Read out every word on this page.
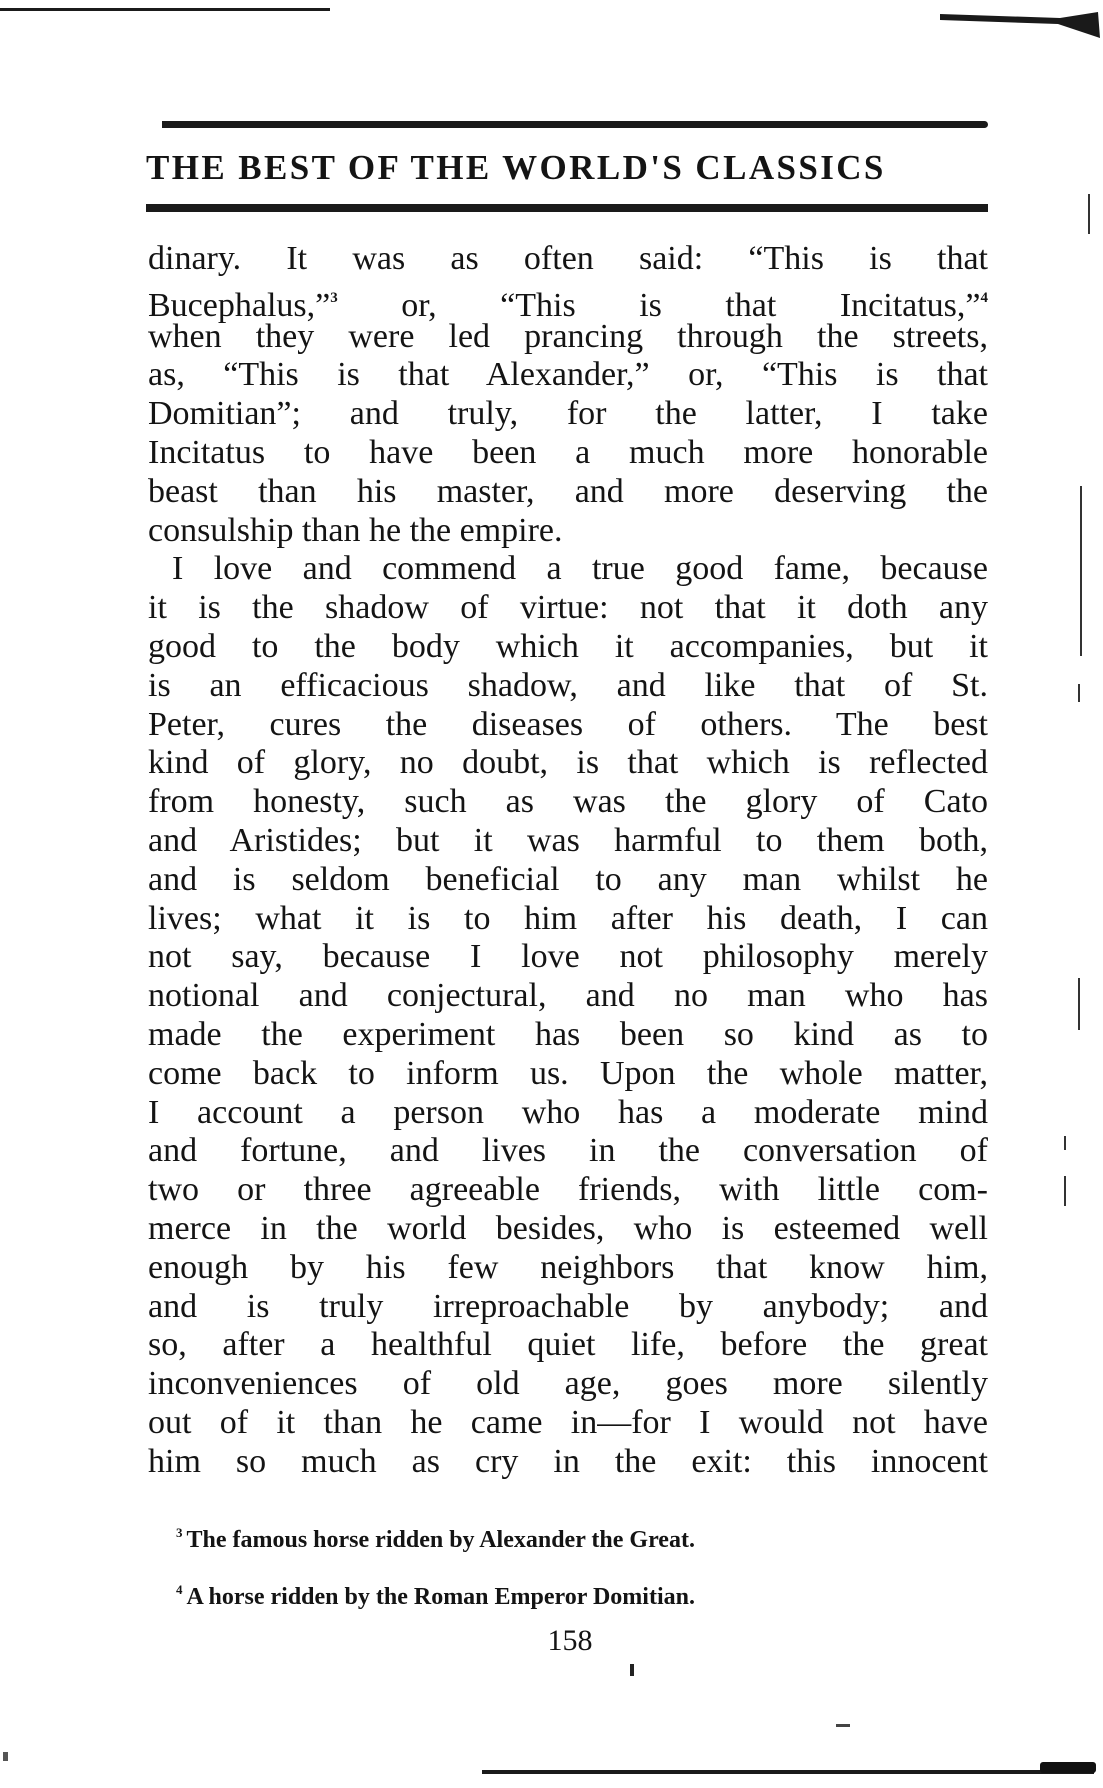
THE BEST OF THE WORLD'S CLASSICS
dinary. It was as often said: “This is that
Bucephalus,”$^3$ or, “This is that Incitatus,”$^4$
when they were led prancing through the streets,
as, “This is that Alexander,” or, “This is that
Domitian”; and truly, for the latter, I take
Incitatus to have been a much more honorable
beast than his master, and more deserving the
consulship than he the empire.
I love and commend a true good fame, because
it is the shadow of virtue: not that it doth any
good to the body which it accompanies, but it
is an efficacious shadow, and like that of St.
Peter, cures the diseases of others. The best
kind of glory, no doubt, is that which is reflected
from honesty, such as was the glory of Cato
and Aristides; but it was harmful to them both,
and is seldom beneficial to any man whilst he
lives; what it is to him after his death, I can
not say, because I love not philosophy merely
notional and conjectural, and no man who has
made the experiment has been so kind as to
come back to inform us. Upon the whole matter,
I account a person who has a moderate mind
and fortune, and lives in the conversation of
two or three agreeable friends, with little com-
merce in the world besides, who is esteemed well
enough by his few neighbors that know him,
and is truly irreproachable by anybody; and
so, after a healthful quiet life, before the great
inconveniences of old age, goes more silently
out of it than he came in—for I would not have
him so much as cry in the exit: this innocent
$^3$ The famous horse ridden by Alexander the Great.
$^4$ A horse ridden by the Roman Emperor Domitian.
158
